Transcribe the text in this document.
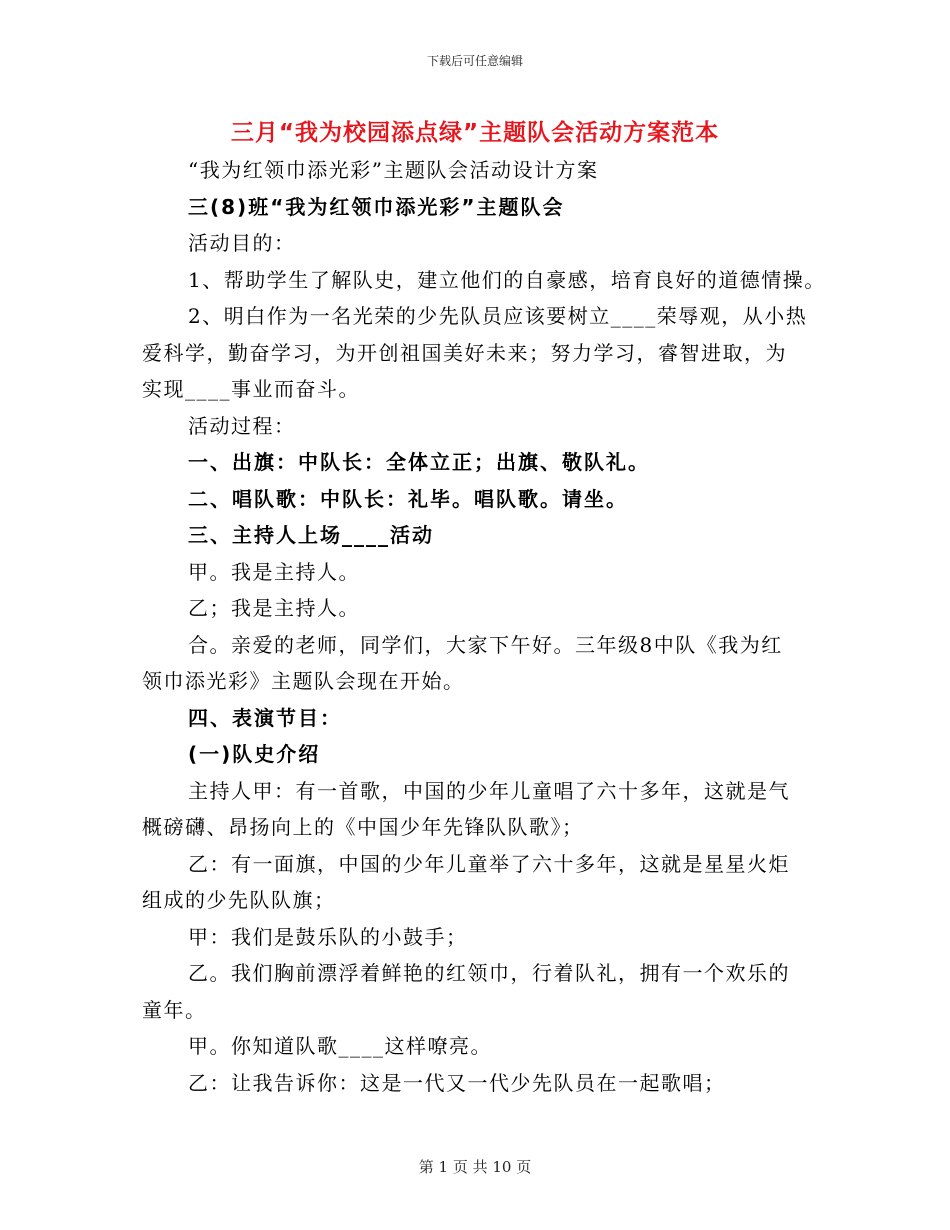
下载后可任意编辑
三月“我为校园添点绿”主题队会活动方案范本
“我为红领巾添光彩”主题队会活动设计方案
三(8)班“我为红领巾添光彩”主题队会
活动目的：
1、帮助学生了解队史，建立他们的自豪感，培育良好的道德情操。
2、明白作为一名光荣的少先队员应该要树立____荣辱观，从小热
爱科学，勤奋学习，为开创祖国美好未来；努力学习，睿智进取，为
实现____事业而奋斗。
活动过程：
一、出旗：中队长：全体立正；出旗、敬队礼。
二、唱队歌：中队长：礼毕。唱队歌。请坐。
三、主持人上场____活动
甲。我是主持人。
乙；我是主持人。
合。亲爱的老师，同学们，大家下午好。三年级8中队《我为红
领巾添光彩》主题队会现在开始。
四、表演节目：
(一)队史介绍
主持人甲：有一首歌，中国的少年儿童唱了六十多年，这就是气
概磅礴、昂扬向上的《中国少年先锋队队歌》；
乙：有一面旗，中国的少年儿童举了六十多年，这就是星星火炬
组成的少先队队旗；
甲：我们是鼓乐队的小鼓手；
乙。我们胸前漂浮着鲜艳的红领巾，行着队礼，拥有一个欢乐的
童年。
甲。你知道队歌____这样嘹亮。
乙：让我告诉你：这是一代又一代少先队员在一起歌唱；
第 1 页 共 10 页
